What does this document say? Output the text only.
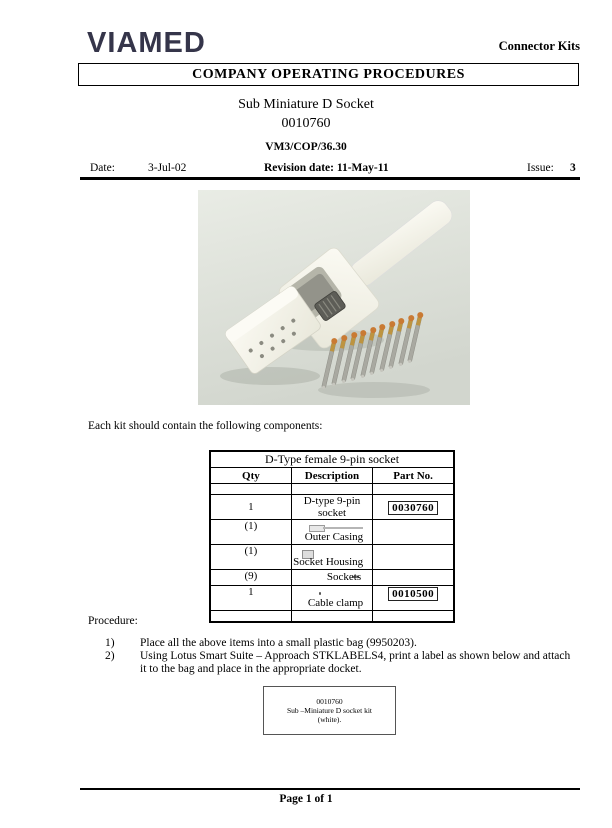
VIAMED	Connector Kits
COMPANY OPERATING PROCEDURES
Sub Miniature D Socket
0010760
VM3/COP/36.30
Date:	3-Jul-02	Revision date: 11-May-11	Issue: 3
Each kit should contain the following components:
D-Type female 9-pin socket		
Qty	Description	Part No.

1	D-type 9-pin socket	0030760
(1)	Outer Casing	

(1)	Socket Housing	

(9)	Sockets	

1	Cable clamp	0010500

Procedure:
1) Place all the above items into a small plastic bag (9950203).
2) Using Lotus Smart Suite – Approach STKLABELS4, print a label as shown below and attach it to the bag and place in the appropriate docket.
0010760
Sub –Miniature D socket kit
(white).
Page 1 of 1
